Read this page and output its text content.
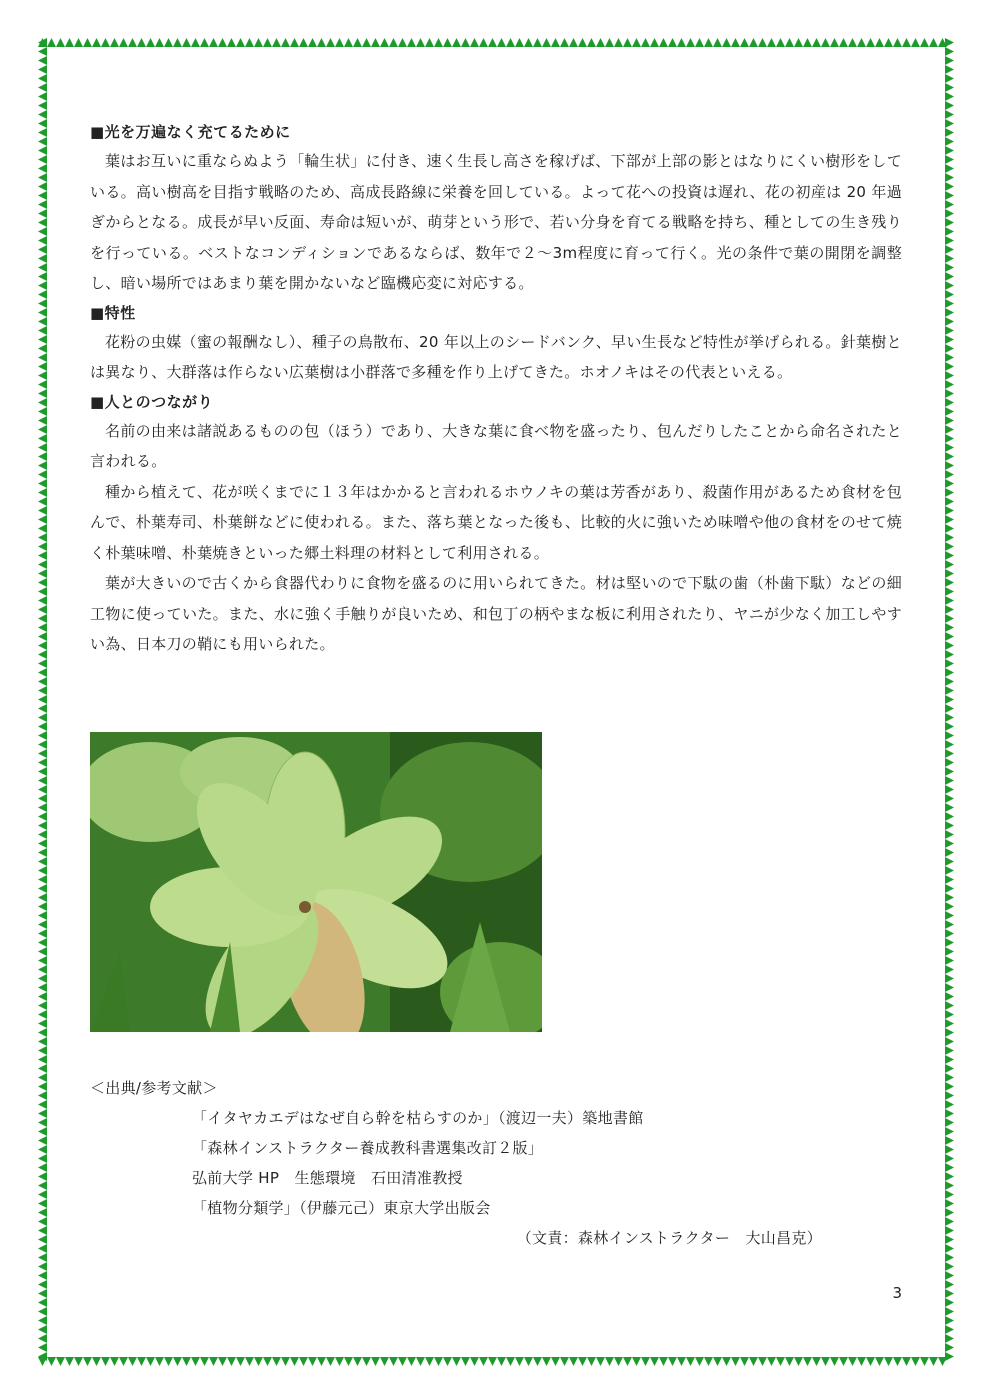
■光を万遍なく充てるために

葉はお互いに重ならぬよう「輪生状」に付き、速く生長し高さを稼げば、下部が上部の影とはなりにくい樹形をしている。高い樹高を目指す戦略のため、高成長路線に栄養を回している。よって花への投資は遅れ、花の初産は 20 年過ぎからとなる。成長が早い反面、寿命は短いが、萌芽という形で、若い分身を育てる戦略を持ち、種としての生き残りを行っている。ベストなコンディションであるならば、数年で２〜3m程度に育って行く。光の条件で葉の開閉を調整し、暗い場所ではあまり葉を開かないなど臨機応変に対応する。

■特性

花粉の虫媒（蜜の報酬なし）、種子の鳥散布、20 年以上のシードバンク、早い生長など特性が挙げられる。針葉樹とは異なり、大群落は作らない広葉樹は小群落で多種を作り上げてきた。ホオノキはその代表といえる。

■人とのつながり

名前の由来は諸説あるものの包（ほう）であり、大きな葉に食べ物を盛ったり、包んだりしたことから命名されたと言われる。

種から植えて、花が咲くまでに１３年はかかると言われるホウノキの葉は芳香があり、殺菌作用があるため食材を包んで、朴葉寿司、朴葉餅などに使われる。また、落ち葉となった後も、比較的火に強いため味噌や他の食材をのせて焼く朴葉味噌、朴葉焼きといった郷土料理の材料として利用される。

葉が大きいので古くから食器代わりに食物を盛るのに用いられてきた。材は堅いので下駄の歯（朴歯下駄）などの細工物に使っていた。また、水に強く手触りが良いため、和包丁の柄やまな板に利用されたり、ヤニが少なく加工しやすい為、日本刀の鞘にも用いられた。

＜出典/参考文献＞

「イタヤカエデはなぜ自ら幹を枯らすのか」（渡辺一夫）築地書館

「森林インストラクター養成教科書選集改訂２版」

弘前大学 HP　生態環境　石田清准教授

「植物分類学」（伊藤元己）東京大学出版会

（文責：森林インストラクター　大山昌克）

3
